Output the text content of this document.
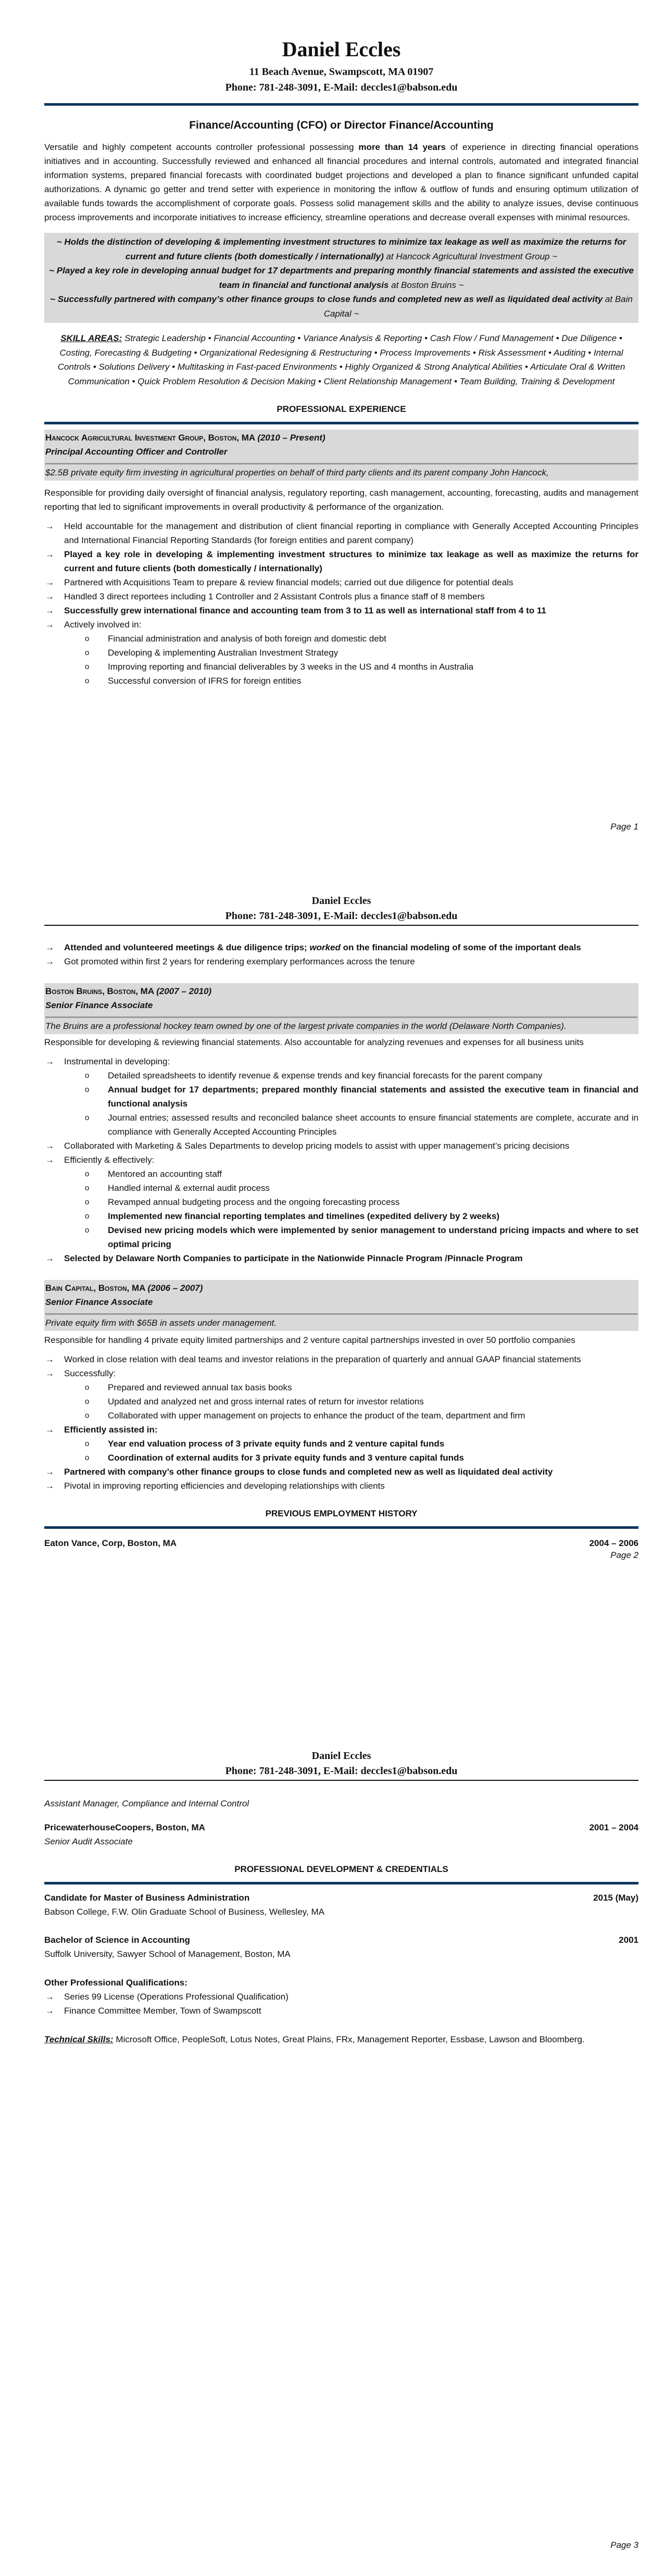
Daniel Eccles
11 Beach Avenue, Swampscott, MA 01907
Phone: 781-248-3091, E-Mail: deccles1@babson.edu
Finance/Accounting (CFO) or Director Finance/Accounting

Versatile and highly competent accounts controller professional possessing more than 14 years of experience in directing financial operations initiatives and in accounting. Successfully reviewed and enhanced all financial procedures and internal controls, automated and integrated financial information systems, prepared financial forecasts with coordinated budget projections and developed a plan to finance significant unfunded capital authorizations. A dynamic go getter and trend setter with experience in monitoring the inflow & outflow of funds and ensuring optimum utilization of available funds towards the accomplishment of corporate goals. Possess solid management skills and the ability to analyze issues, devise continuous process improvements and incorporate initiatives to increase efficiency, streamline operations and decrease overall expenses with minimal resources.

~ Holds the distinction of developing & implementing investment structures to minimize tax leakage as well as maximize the returns for current and future clients (both domestically / internationally) at Hancock Agricultural Investment Group ~
~ Played a key role in developing annual budget for 17 departments and preparing monthly financial statements and assisted the executive team in financial and functional analysis at Boston Bruins ~
~ Successfully partnered with company’s other finance groups to close funds and completed new as well as liquidated deal activity at Bain Capital ~

SKILL AREAS: Strategic Leadership • Financial Accounting • Variance Analysis & Reporting • Cash Flow / Fund Management • Due Diligence • Costing, Forecasting & Budgeting • Organizational Redesigning & Restructuring • Process Improvements • Risk Assessment • Auditing • Internal Controls • Solutions Delivery • Multitasking in Fast-paced Environments • Highly Organized & Strong Analytical Abilities • Articulate Oral & Written Communication • Quick Problem Resolution & Decision Making • Client Relationship Management • Team Building, Training & Development

PROFESSIONAL EXPERIENCE
Hancock Agricultural Investment Group, Boston, MA (2010 – Present)
Principal Accounting Officer and Controller
$2.5B private equity firm investing in agricultural properties on behalf of third party clients and its parent company John Hancock,

Responsible for providing daily oversight of financial analysis, regulatory reporting, cash management, accounting, forecasting, audits and management reporting that led to significant improvements in overall productivity & performance of the organization.

→ Held accountable for the management and distribution of client financial reporting in compliance with Generally Accepted Accounting Principles and International Financial Reporting Standards (for foreign entities and parent company)
→ Played a key role in developing & implementing investment structures to minimize tax leakage as well as maximize the returns for current and future clients (both domestically / internationally)
→ Partnered with Acquisitions Team to prepare & review financial models; carried out due diligence for potential deals
→ Handled 3 direct reportees including 1 Controller and 2 Assistant Controls plus a finance staff of 8 members
→ Successfully grew international finance and accounting team from 3 to 11 as well as international staff from 4 to 11
→ Actively involved in:
o Financial administration and analysis of both foreign and domestic debt
o Developing & implementing Australian Investment Strategy
o Improving reporting and financial deliverables by 3 weeks in the US and 4 months in Australia
o Successful conversion of IFRS for foreign entities
Page 1
Daniel Eccles
Phone: 781-248-3091, E-Mail: deccles1@babson.edu
→ Attended and volunteered meetings & due diligence trips; worked on the financial modeling of some of the important deals
→ Got promoted within first 2 years for rendering exemplary performances across the tenure
Boston Bruins, Boston, MA (2007 – 2010)
Senior Finance Associate
The Bruins are a professional hockey team owned by one of the largest private companies in the world (Delaware North Companies).

Responsible for developing & reviewing financial statements. Also accountable for analyzing revenues and expenses for all business units

→ Instrumental in developing:
o Detailed spreadsheets to identify revenue & expense trends and key financial forecasts for the parent company
o Annual budget for 17 departments; prepared monthly financial statements and assisted the executive team in financial and functional analysis
o Journal entries; assessed results and reconciled balance sheet accounts to ensure financial statements are complete, accurate and in compliance with Generally Accepted Accounting Principles
→ Collaborated with Marketing & Sales Departments to develop pricing models to assist with upper management’s pricing decisions
→ Efficiently & effectively:
o Mentored an accounting staff
o Handled internal & external audit process
o Revamped annual budgeting process and the ongoing forecasting process
o Implemented new financial reporting templates and timelines (expedited delivery by 2 weeks)
o Devised new pricing models which were implemented by senior management to understand pricing impacts and where to set optimal pricing
→ Selected by Delaware North Companies to participate in the Nationwide Pinnacle Program /Pinnacle Program
Bain Capital, Boston, MA (2006 – 2007)
Senior Finance Associate
Private equity firm with $65B in assets under management.

Responsible for handling 4 private equity limited partnerships and 2 venture capital partnerships invested in over 50 portfolio companies

→ Worked in close relation with deal teams and investor relations in the preparation of quarterly and annual GAAP financial statements
→ Successfully:
o Prepared and reviewed annual tax basis books
o Updated and analyzed net and gross internal rates of return for investor relations
o Collaborated with upper management on projects to enhance the product of the team, department and firm
→ Efficiently assisted in:
o Year end valuation process of 3 private equity funds and 2 venture capital funds
o Coordination of external audits for 3 private equity funds and 3 venture capital funds
→ Partnered with company’s other finance groups to close funds and completed new as well as liquidated deal activity
→ Pivotal in improving reporting efficiencies and developing relationships with clients
PREVIOUS EMPLOYMENT HISTORY
Eaton Vance, Corp, Boston, MA	2004 – 2006
Page 2
Daniel Eccles
Phone: 781-248-3091, E-Mail: deccles1@babson.edu
Assistant Manager, Compliance and Internal Control
PricewaterhouseCoopers, Boston, MA	2001 – 2004
Senior Audit Associate
PROFESSIONAL DEVELOPMENT & CREDENTIALS
Candidate for Master of Business Administration	2015 (May)
Babson College, F.W. Olin Graduate School of Business, Wellesley, MA
Bachelor of Science in Accounting	2001
Suffolk University, Sawyer School of Management, Boston, MA
Other Professional Qualifications:
→ Series 99 License (Operations Professional Qualification)
→ Finance Committee Member, Town of Swampscott

Technical Skills: Microsoft Office, PeopleSoft, Lotus Notes, Great Plains, FRx, Management Reporter, Essbase, Lawson and Bloomberg.

Page 3
